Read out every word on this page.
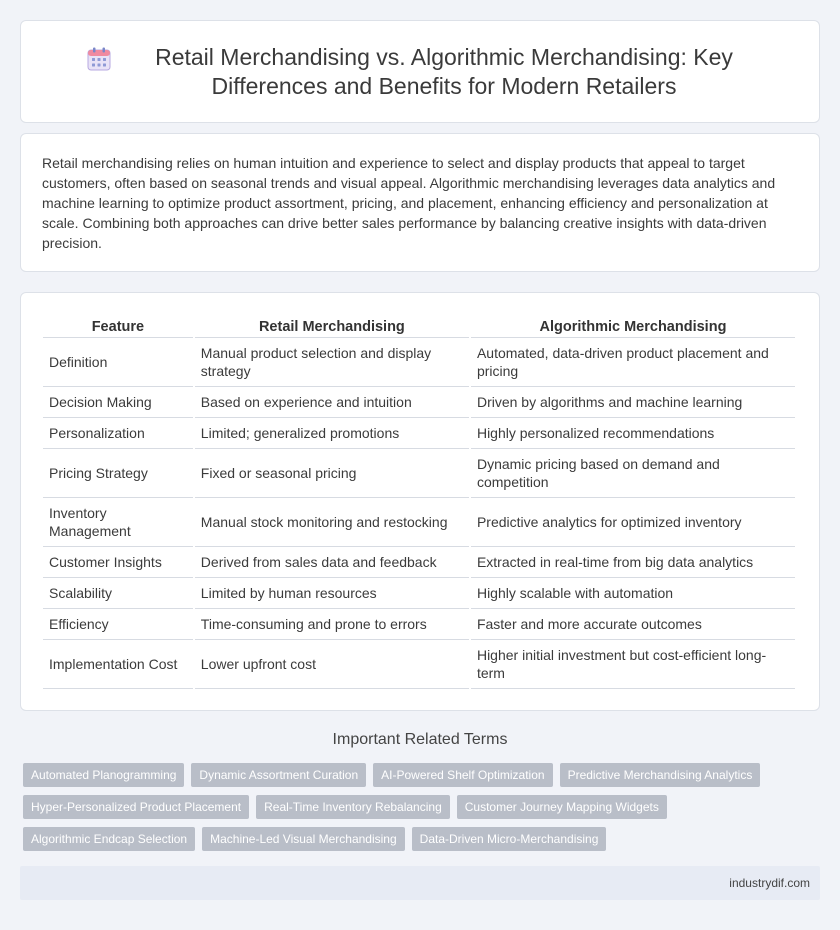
Retail Merchandising vs. Algorithmic Merchandising: Key Differences and Benefits for Modern Retailers

Retail merchandising relies on human intuition and experience to select and display products that appeal to target customers, often based on seasonal trends and visual appeal. Algorithmic merchandising leverages data analytics and machine learning to optimize product assortment, pricing, and placement, enhancing efficiency and personalization at scale. Combining both approaches can drive better sales performance by balancing creative insights with data-driven precision.

Feature	Retail Merchandising	Algorithmic Merchandising
Definition	Manual product selection and display strategy	Automated, data-driven product placement and pricing
Decision Making	Based on experience and intuition	Driven by algorithms and machine learning
Personalization	Limited; generalized promotions	Highly personalized recommendations
Pricing Strategy	Fixed or seasonal pricing	Dynamic pricing based on demand and competition
Inventory Management	Manual stock monitoring and restocking	Predictive analytics for optimized inventory
Customer Insights	Derived from sales data and feedback	Extracted in real-time from big data analytics
Scalability	Limited by human resources	Highly scalable with automation
Efficiency	Time-consuming and prone to errors	Faster and more accurate outcomes
Implementation Cost	Lower upfront cost	Higher initial investment but cost-efficient long-term
Important Related Terms
Automated Planogramming	Dynamic Assortment Curation	AI-Powered Shelf Optimization	Predictive Merchandising Analytics
Hyper-Personalized Product Placement	Real-Time Inventory Rebalancing	Customer Journey Mapping Widgets
Algorithmic Endcap Selection	Machine-Led Visual Merchandising	Data-Driven Micro-Merchandising
industrydif.com
